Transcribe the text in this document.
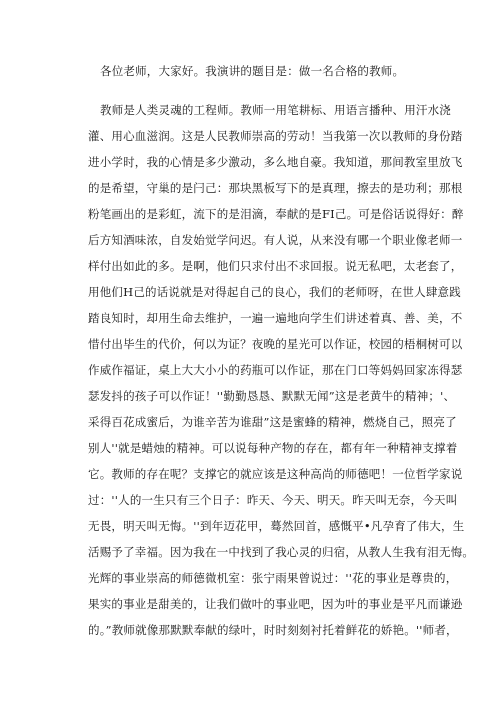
各位老师，大家好。我演讲的题目是：做一名合格的教师。

教师是人类灵魂的工程师。教师一用笔耕标、用语言播种、用汗水浇
灌、用心血滋润。这是人民教师崇高的劳动！当我第一次以教师的身份踏
进小学时，我的心情是多少激动，多么地自豪。我知道，那间教室里放飞
的是希望，守巢的是闩己：那块黑板写下的是真理，擦去的是功利；那根
粉笔画出的是彩虹，流下的是泪滴，奉献的是FI己。可是俗话说得好：醉
后方知酒味浓，自发始觉学问迟。有人说，从来没有哪一个职业像老师一
样付出如此的多。是啊，他们只求付出不求回报。说无私吧，太老套了，
用他们H己的话说就是对得起自己的良心，我们的老师呀，在世人肆意践
踏良知时，却用生命去维护，一遍一遍地向学生们讲述着真、善、美，不
惜付出毕生的代价，何以为证？夜晚的星光可以作证，校园的梧桐树可以
作威作福证，桌上大大小小的药瓶可以作证，那在门口等妈妈回家冻得瑟
瑟发抖的孩子可以作证！''勤勤恳恳、默默无闻”这是老黄牛的精神；'、
采得百花成蜜后，为谁辛苦为谁甜”这是蜜蜂的精神，燃烧自己，照亮了
别人''就是蜡烛的精神。可以说每种产物的存在，都有年一种精神支撑着
它。教师的存在呢？支撑它的就应该是这种高尚的师德吧！一位哲学家说
过：''人的一生只有三个日子：昨天、今天、明天。昨天叫无奈，今天叫
无畏，明天叫无悔。''到年迈花甲，蓦然回首，感慨平•凡孕育了伟大，生
活赐予了幸福。因为我在一中找到了我心灵的归宿，从教人生我有泪无悔。
光辉的事业崇高的师德微机室：张宁雨果曾说过：''花的事业是尊贵的，
果实的事业是甜美的，让我们做叶的事业吧，因为叶的事业是平凡而谦逊
的。”教师就像那默默奉献的绿叶，时时刻刻衬托着鲜花的娇艳。''师者，
